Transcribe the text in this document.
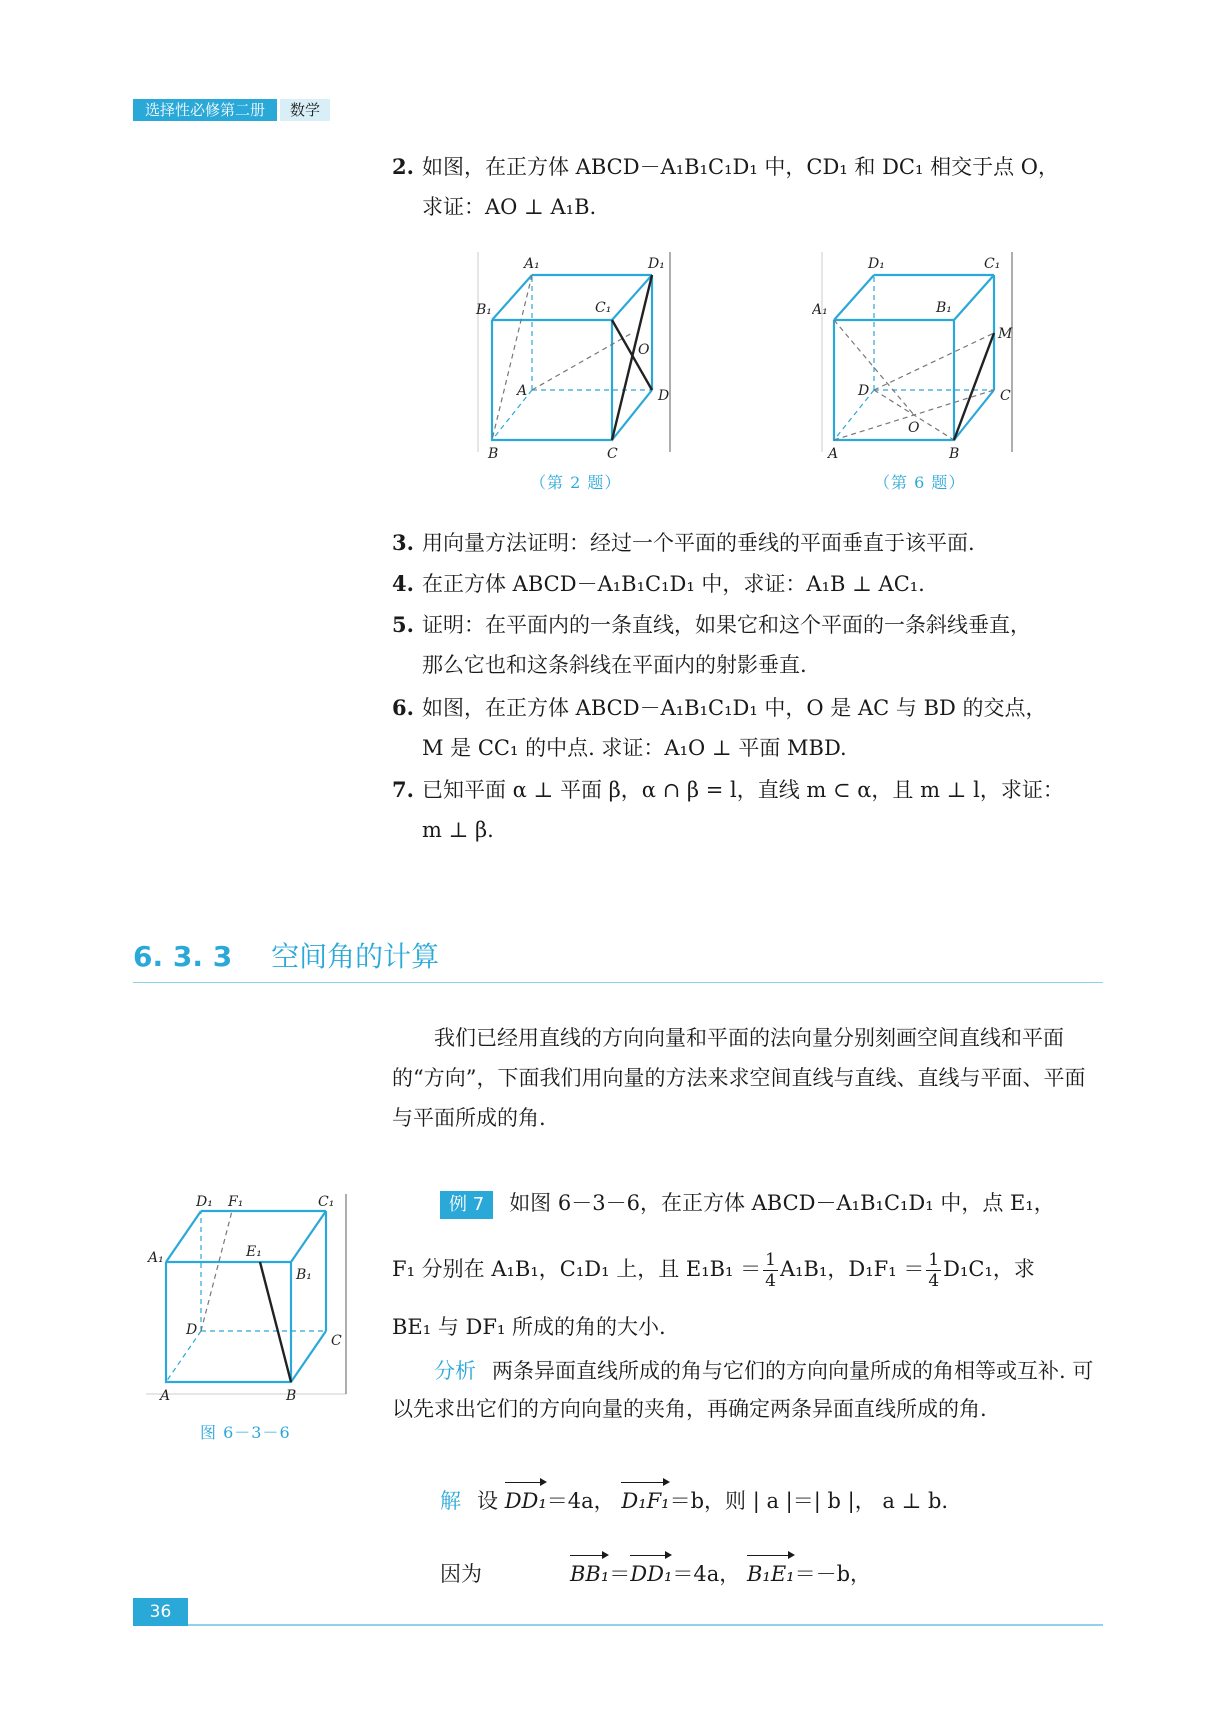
选择性必修第二册	数学
2. 如图，在正方体 ABCD－A₁B₁C₁D₁ 中，CD₁ 和 DC₁ 相交于点 O，
求证：AO ⊥ A₁B.
A₁	D₁
B₁	C₁
O
A	D
B	C
（第 2 题）
D₁	C₁
A₁	B₁
M
D	C
O
A	B
（第 6 题）
3. 用向量方法证明：经过一个平面的垂线的平面垂直于该平面.
4. 在正方体 ABCD－A₁B₁C₁D₁ 中，求证：A₁B ⊥ AC₁.
5. 证明：在平面内的一条直线，如果它和这个平面的一条斜线垂直，
那么它也和这条斜线在平面内的射影垂直.
6. 如图，在正方体 ABCD－A₁B₁C₁D₁ 中，O 是 AC 与 BD 的交点，
M 是 CC₁ 的中点. 求证：A₁O ⊥ 平面 MBD.
7. 已知平面 α ⊥ 平面 β，α ∩ β = l，直线 m ⊂ α，且 m ⊥ l，求证：
m ⊥ β.
6. 3. 3 空间角的计算
我们已经用直线的方向向量和平面的法向量分别刻画空间直线和平面的“方向”，下面我们用向量的方法来求空间直线与直线、直线与平面、平面与平面所成的角.
D₁ F₁	C₁
A₁	E₁
B₁
D
C
A	B
图 6－3－6
例 7 如图 6－3－6，在正方体 ABCD－A₁B₁C₁D₁ 中，点 E₁，
F₁ 分别在 A₁B₁，C₁D₁ 上，且 $E_1B_1 = \frac{1}{4} A_1B_1$，$D_1F_1 = \frac{1}{4} D_1C_1$，求
BE₁ 与 DF₁ 所成的角的大小.
分析 两条异面直线所成的角与它们的方向向量所成的角相等或互补. 可以先求出它们的方向向量的夹角，再确定两条异面直线所成的角.
解 设 DD₁＝4a， D₁F₁＝b，则 | a |＝| b |， a ⊥ b.
因为	BB₁＝DD₁＝4a， B₁E₁＝－b，
36
